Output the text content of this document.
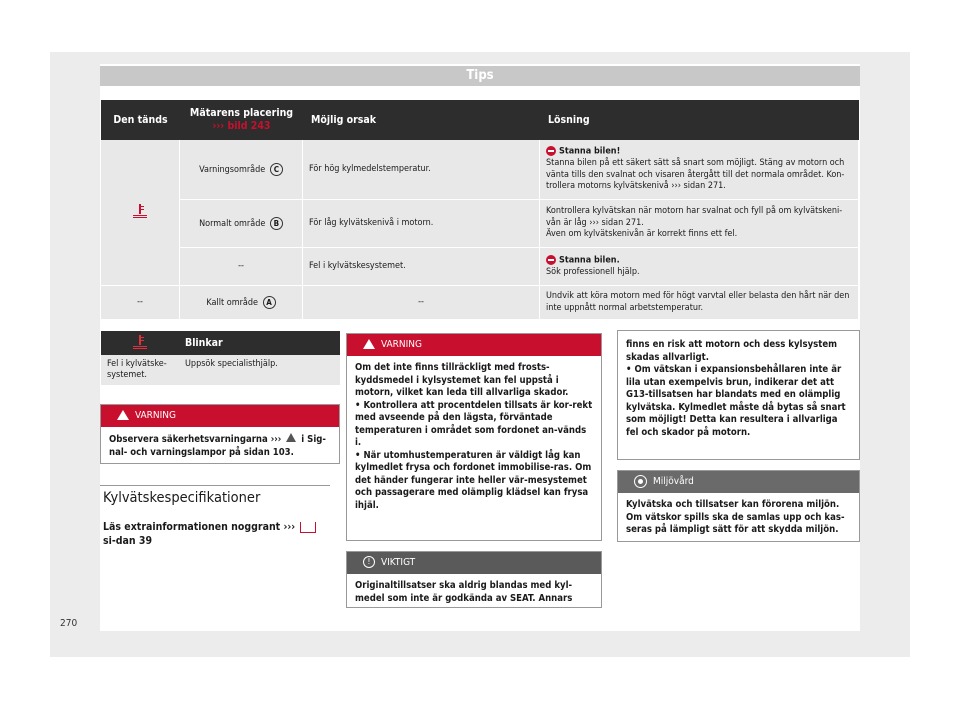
Tips
Den tänds	Mätarens placering
››› bild 243	Möjlig orsak	Lösning

	Varningsområde C	För hög kylmedelstemperatur.	Stanna bilen!
Stanna bilen på ett säkert sätt så snart som möjligt. Stäng av motorn och vänta tills den svalnat och visaren återgått till det normala området. Kon-trollera motorns kylvätskenivå ››› sidan 271.
	Normalt område B	För låg kylvätskenivå i motorn.	Kontrollera kylvätskan när motorn har svalnat och fyll på om kylvätskeni-vån är låg ››› sidan 271.
Även om kylvätskenivån är korrekt finns ett fel.
	--	Fel i kylvätskesystemet.	Stanna bilen.
Sök professionell hjälp.
--	Kallt område A	--	Undvik att köra motorn med för högt varvtal eller belasta den hårt när den inte uppnått normal arbetstemperatur.
	Blinkar
Fel i kylvätske-systemet.	Uppsök specialisthjälp.
VARNING
Observera säkerhetsvarningarna ››› i Sig-nal- och varningslampor på sidan 103.
Kylvätskespecifikationer
Läs extrainformationen noggrant ›››  si-dan 39
VARNING
Om det inte finns tillräckligt med frosts-kyddsmedel i kylsystemet kan fel uppstå i motorn, vilket kan leda till allvarliga skador.
• Kontrollera att procentdelen tillsats är kor-rekt med avseende på den lägsta, förväntade temperaturen i området som fordonet an-vänds i.
• När utomhustemperaturen är väldigt låg kan kylmedlet frysa och fordonet immobilise-ras. Om det händer fungerar inte heller vär-mesystemet och passagerare med olämplig klädsel kan frysa ihjäl.
! VIKTIGT
Originaltillsatser ska aldrig blandas med kyl-medel som inte är godkända av SEAT. Annars
finns en risk att motorn och dess kylsystem skadas allvarligt.
• Om vätskan i expansionsbehållaren inte är lila utan exempelvis brun, indikerar det att G13-tillsatsen har blandats med en olämplig kylvätska. Kylmedlet måste då bytas så snart som möjligt! Detta kan resultera i allvarliga fel och skador på motorn.
Miljövård
Kylvätska och tillsatser kan förorena miljön. Om vätskor spills ska de samlas upp och kas-seras på lämpligt sätt för att skydda miljön.
270
